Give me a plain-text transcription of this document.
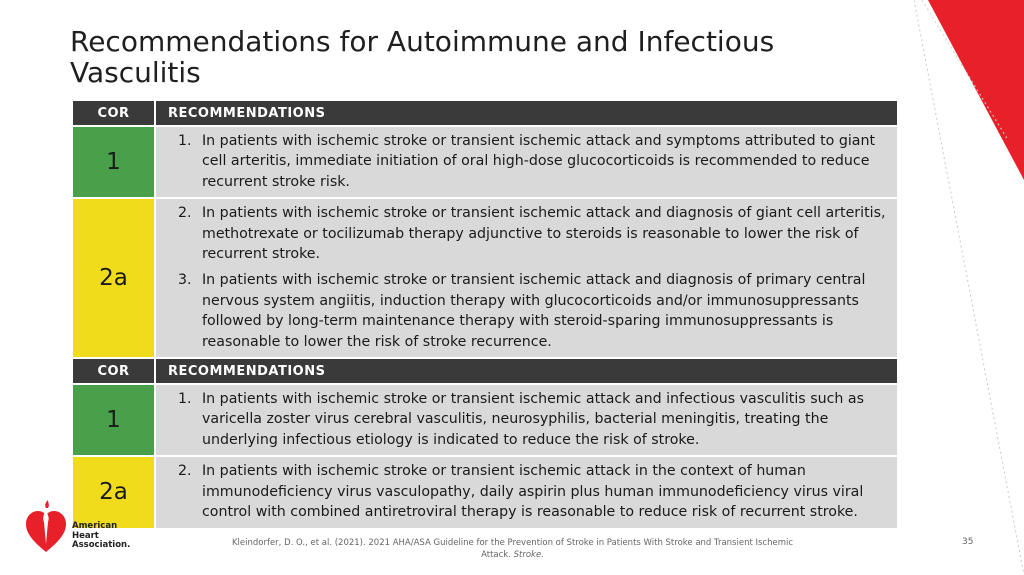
Recommendations for Autoimmune and Infectious Vasculitis
COR	RECOMMENDATIONS
1	1. In patients with ischemic stroke or transient ischemic attack and symptoms attributed to giant cell arteritis, immediate initiation of oral high-dose glucocorticoids is recommended to reduce recurrent stroke risk.

2a	2. In patients with ischemic stroke or transient ischemic attack and diagnosis of giant cell arteritis, methotrexate or tocilizumab therapy adjunctive to steroids is reasonable to lower the risk of recurrent stroke.
3. In patients with ischemic stroke or transient ischemic attack and diagnosis of primary central nervous system angiitis, induction therapy with glucocorticoids and/or immunosuppressants followed by long-term maintenance therapy with steroid-sparing immunosuppressants is reasonable to lower the risk of stroke recurrence.

COR	RECOMMENDATIONS
1	1. In patients with ischemic stroke or transient ischemic attack and infectious vasculitis such as varicella zoster virus cerebral vasculitis, neurosyphilis, bacterial meningitis, treating the underlying infectious etiology is indicated to reduce the risk of stroke.

2a	2. In patients with ischemic stroke or transient ischemic attack in the context of human immunodeficiency virus vasculopathy, daily aspirin plus human immunodeficiency virus viral control with combined antiretroviral therapy is reasonable to reduce risk of recurrent stroke.
American
Heart
Association.	Kleindorfer, D. O., et al. (2021). 2021 AHA/ASA Guideline for the Prevention of Stroke in Patients With Stroke and Transient Ischemic Attack. Stroke.
35
